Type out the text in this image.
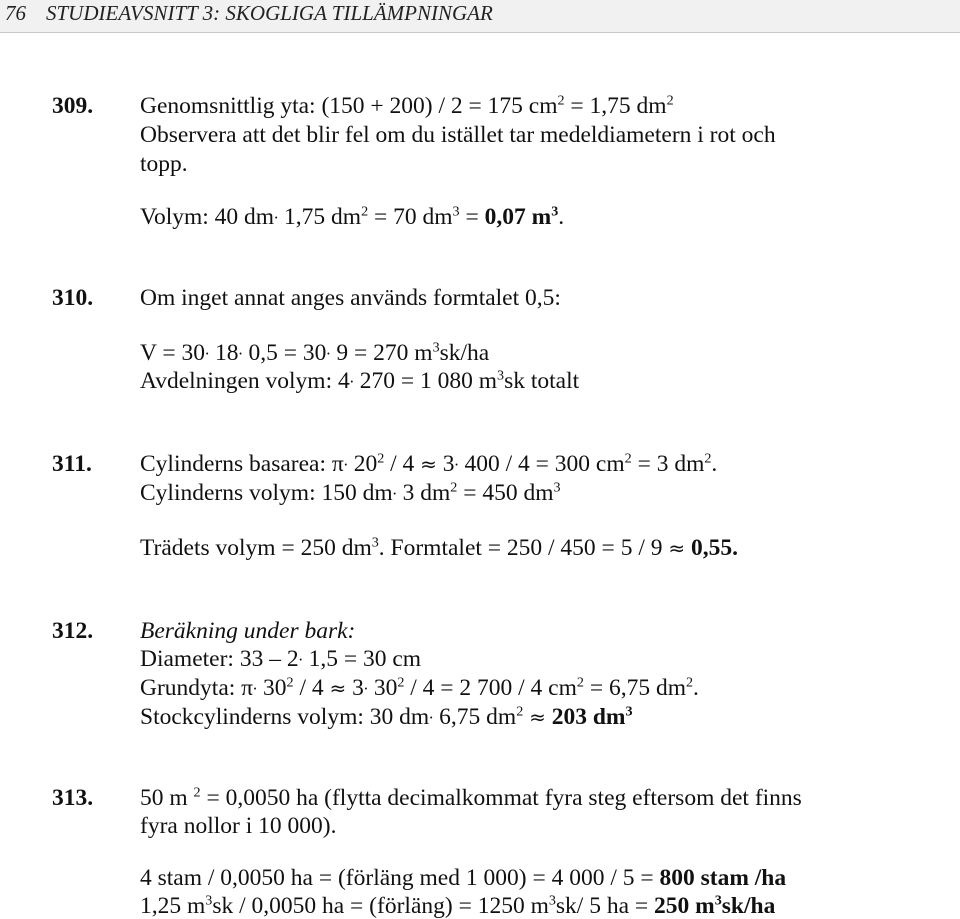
76 STUDIEAVSNITT 3: SKOGLIGA TILLÄMPNINGAR
309. Genomsnittlig yta: (150 + 200) / 2 = 175 $cm^2 = 1,75$ $dm^2$
Observera att det blir fel om du istället tar medeldiametern i rot och
topp.
Volym: 40 dm. 1,75 $dm^2 = 70$ $dm^3 = 0,07$ $m^3$.
310. Om inget annat anges används formtalet 0,5:
V = 30. 18. 0,5 = 30. 9 = 270 $m^3sk/ha$
Avdelningen volym: 4. 270 = 1 080 $m^3sk$ totalt
311. Cylinderns basarea: π. $20^2 / 4 \approx 3^.$ 400 / 4 = 300 $cm^2 = 3$ $dm^2$.
Cylinderns volym: 150 dm. 3 $dm^2 = 450$ $dm^3$
Trädets volym = 250 $dm^3$. Formtalet = 250 / 450 = 5 / 9 ≈ 0,55.
312. Beräkning under bark:
Diameter: 33 – 2. 1,5 = 30 cm
Grundyta: π. $30^2 / 4 \approx 3^.$ $30^2 / 4 = 2$ 700 / 4 $cm^2 = 6,75$ $dm^2$.
Stockcylinderns volym: 30 dm. 6,75 $dm^2 \approx 203$ $dm^3$
313. 50 m $^2$ = 0,0050 ha (flytta decimalkommat fyra steg eftersom det finns
fyra nollor i 10 000).
4 stam / 0,0050 ha = (förläng med 1 000) = 4 000 / 5 = 800 stam /ha
1,25 $m^3sk / 0,0050$ ha = (förläng) = 1250 $m^3sk/$ 5 ha = 250 $m^3sk/ha$
